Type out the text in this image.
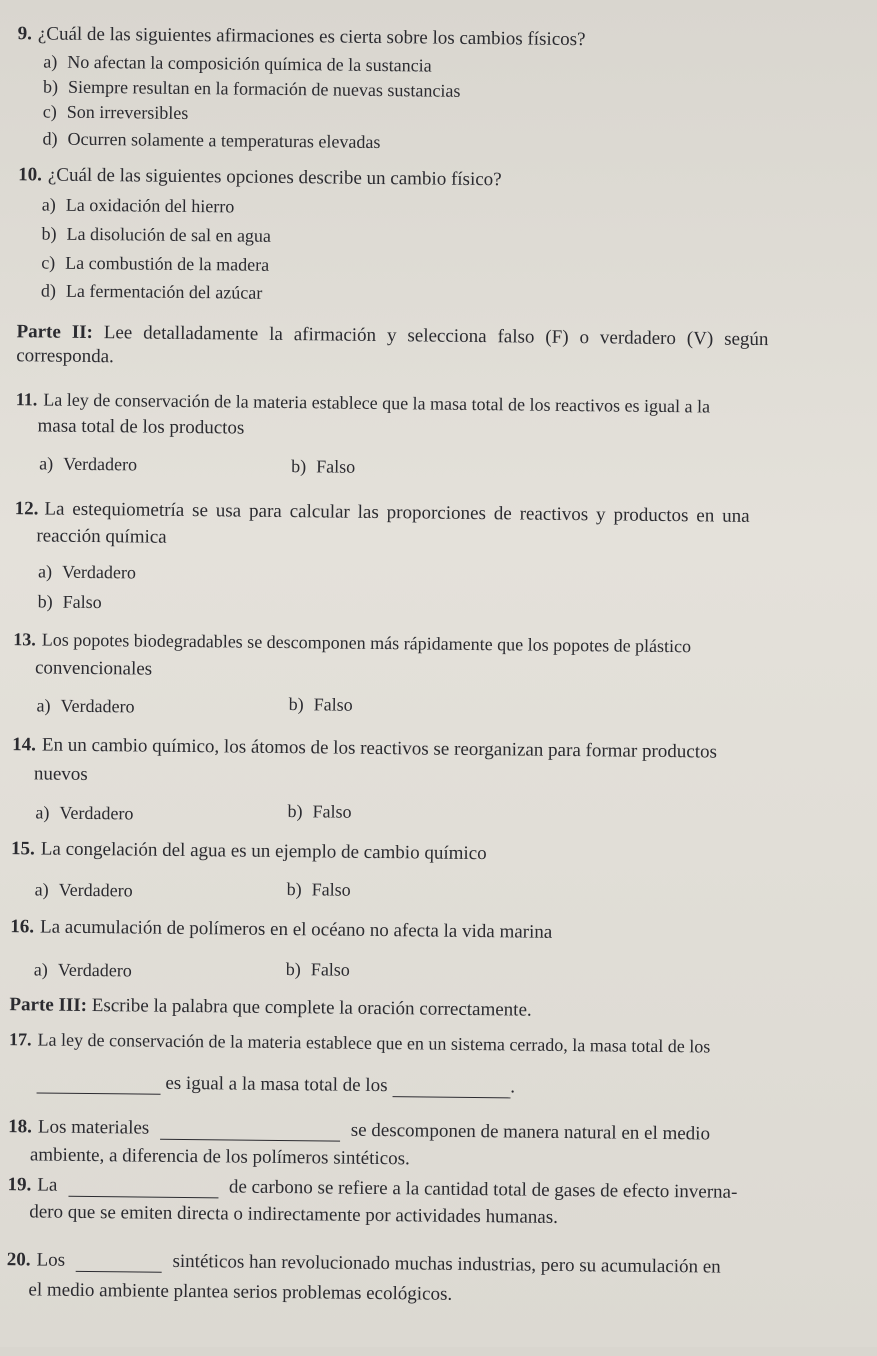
9. ¿Cuál de las siguientes afirmaciones es cierta sobre los cambios físicos?
a) No afectan la composición química de la sustancia
b) Siempre resultan en la formación de nuevas sustancias
c) Son irreversibles
d) Ocurren solamente a temperaturas elevadas
10. ¿Cuál de las siguientes opciones describe un cambio físico?
a) La oxidación del hierro
b) La disolución de sal en agua
c) La combustión de la madera
d) La fermentación del azúcar
Parte II: Lee detalladamente la afirmación y selecciona falso (F) o verdadero (V) según
corresponda.
11. La ley de conservación de la materia establece que la masa total de los reactivos es igual a la
masa total de los productos
a) Verdadero	b) Falso
12. La estequiometría se usa para calcular las proporciones de reactivos y productos en una
reacción química
a) Verdadero
b) Falso
13. Los popotes biodegradables se descomponen más rápidamente que los popotes de plástico
convencionales
a) Verdadero	b) Falso
14. En un cambio químico, los átomos de los reactivos se reorganizan para formar productos
nuevos
a) Verdadero	b) Falso
15. La congelación del agua es un ejemplo de cambio químico
a) Verdadero	b) Falso
16. La acumulación de polímeros en el océano no afecta la vida marina
a) Verdadero	b) Falso
Parte III: Escribe la palabra que complete la oración correctamente.
17. La ley de conservación de la materia establece que en un sistema cerrado, la masa total de los
es igual a la masa total de los	.
18. Los materiales	se descomponen de manera natural en el medio
ambiente, a diferencia de los polímeros sintéticos.
19. La	de carbono se refiere a la cantidad total de gases de efecto inverna-
dero que se emiten directa o indirectamente por actividades humanas.
20. Los	sintéticos han revolucionado muchas industrias, pero su acumulación en
el medio ambiente plantea serios problemas ecológicos.
